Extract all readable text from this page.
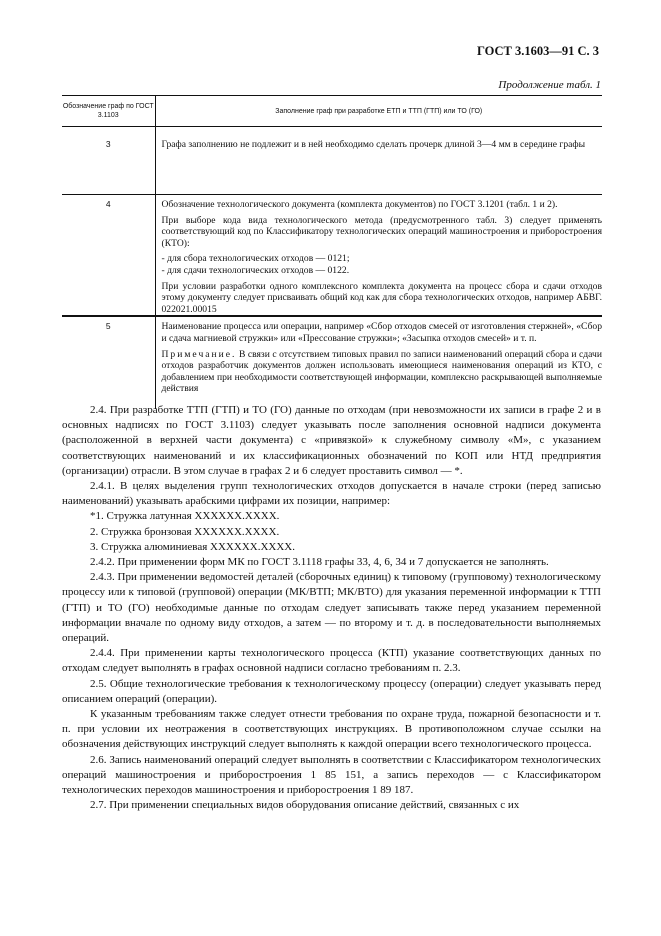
ГОСТ 3.1603—91 С. 3
Продолжение табл. 1
Обозначение граф по ГОСТ 3.1103	Заполнение граф при разработке ЕТП и ТТП (ГТП) или ТО (ГО)
3	Графа заполнению не подлежит и в ней необходимо сделать прочерк длиной 3—4 мм в середине графы

4	Обозначение технологического документа (комплекта документов) по ГОСТ 3.1201 (табл. 1 и 2).

При выборе кода вида технологического метода (предусмотренного табл. 3) следует применять соответствующий код по Классификатору технологических операций машиностроения и приборостроения (КТО):

- для сбора технологических отходов — 0121;

- для сдачи технологических отходов — 0122.

При условии разработки одного комплексного комплекта документа на процесс сбора и сдачи отходов этому документу следует присваивать общий код как для сбора технологических отходов, например АБВГ. 022021.00015

5	Наименование процесса или операции, например «Сбор отходов смесей от изготовления стержней», «Сбор и сдача магниевой стружки» или «Прессование стружки»; «Засыпка отходов смесей» и т. п.

Примечание. В связи с отсутствием типовых правил по записи наименований операций сбора и сдачи отходов разработчик документов должен использовать имеющиеся наименования операций из КТО, с добавлением при необходимости соответствующей информации, комплексно раскрывающей выполняемые действия

2.4. При разработке ТТП (ГТП) и ТО (ГО) данные по отходам (при невозможности их записи в графе 2 и в основных надписях по ГОСТ 3.1103) следует указывать после заполнения основной надписи документа (расположенной в верхней части документа) с «привязкой» к служебному символу «М», с указанием соответствующих наименований и их классификационных обозначений по КОП или НТД предприятия (организации) отрасли. В этом случае в графах 2 и 6 следует проставить символ — *.

2.4.1. В целях выделения групп технологических отходов допускается в начале строки (перед записью наименований) указывать арабскими цифрами их позиции, например:

*1. Стружка латунная XXXXXX.XXXX.

2. Стружка бронзовая XXXXXX.XXXX.

3. Стружка алюминиевая XXXXXX.XXXX.

2.4.2. При применении форм МК по ГОСТ 3.1118 графы 33, 4, 6, 34 и 7 допускается не заполнять.

2.4.3. При применении ведомостей деталей (сборочных единиц) к типовому (групповому) технологическому процессу или к типовой (групповой) операции (МК/ВТП; МК/ВТО) для указания переменной информации к ТТП (ГТП) и ТО (ГО) необходимые данные по отходам следует записывать также перед указанием переменной информации вначале по одному виду отходов, а затем — по второму и т. д. в последовательности выполняемых операций.

2.4.4. При применении карты технологического процесса (КТП) указание соответствующих данных по отходам следует выполнять в графах основной надписи согласно требованиям п. 2.3.

2.5. Общие технологические требования к технологическому процессу (операции) следует указывать перед описанием операций (операции).

К указанным требованиям также следует отнести требования по охране труда, пожарной безопасности и т. п. при условии их неотражения в соответствующих инструкциях. В противоположном случае ссылки на обозначения действующих инструкций следует выполнять к каждой операции всего технологического процесса.

2.6. Запись наименований операций следует выполнять в соответствии с Классификатором технологических операций машиностроения и приборостроения 1 85 151, а запись переходов — с Классификатором технологических переходов машиностроения и приборостроения 1 89 187.

2.7. При применении специальных видов оборудования описание действий, связанных с их
